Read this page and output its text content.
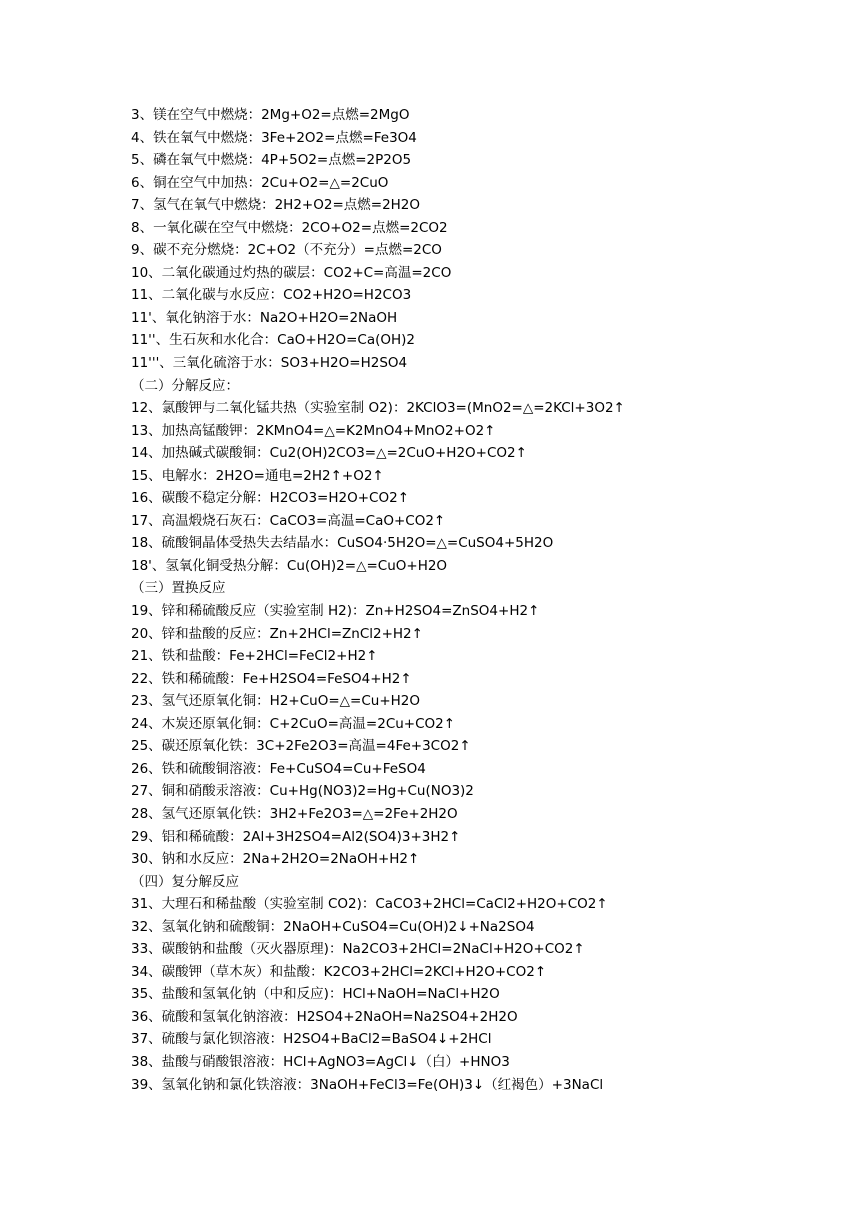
3、镁在空气中燃烧：2Mg+O2=点燃=2MgO
4、铁在氧气中燃烧：3Fe+2O2=点燃=Fe3O4
5、磷在氧气中燃烧：4P+5O2=点燃=2P2O5
6、铜在空气中加热：2Cu+O2=△=2CuO
7、氢气在氧气中燃烧：2H2+O2=点燃=2H2O
8、一氧化碳在空气中燃烧：2CO+O2=点燃=2CO2
9、碳不充分燃烧：2C+O2（不充分）=点燃=2CO
10、二氧化碳通过灼热的碳层：CO2+C=高温=2CO
11、二氧化碳与水反应：CO2+H2O=H2CO3
11'、氧化钠溶于水：Na2O+H2O=2NaOH
11''、生石灰和水化合：CaO+H2O=Ca(OH)2
11'''、三氧化硫溶于水：SO3+H2O=H2SO4
（二）分解反应：
12、氯酸钾与二氧化锰共热（实验室制 O2)：2KClO3=(MnO2=△=2KCl+3O2↑
13、加热高锰酸钾：2KMnO4=△=K2MnO4+MnO2+O2↑
14、加热碱式碳酸铜：Cu2(OH)2CO3=△=2CuO+H2O+CO2↑
15、电解水：2H2O=通电=2H2↑+O2↑
16、碳酸不稳定分解：H2CO3=H2O+CO2↑
17、高温煅烧石灰石：CaCO3=高温=CaO+CO2↑
18、硫酸铜晶体受热失去结晶水：CuSO4·5H2O=△=CuSO4+5H2O
18'、氢氧化铜受热分解：Cu(OH)2=△=CuO+H2O
（三）置换反应
19、锌和稀硫酸反应（实验室制 H2)：Zn+H2SO4=ZnSO4+H2↑
20、锌和盐酸的反应：Zn+2HCl=ZnCl2+H2↑
21、铁和盐酸：Fe+2HCl=FeCl2+H2↑
22、铁和稀硫酸：Fe+H2SO4=FeSO4+H2↑
23、氢气还原氧化铜：H2+CuO=△=Cu+H2O
24、木炭还原氧化铜：C+2CuO=高温=2Cu+CO2↑
25、碳还原氧化铁：3C+2Fe2O3=高温=4Fe+3CO2↑
26、铁和硫酸铜溶液：Fe+CuSO4=Cu+FeSO4
27、铜和硝酸汞溶液：Cu+Hg(NO3)2=Hg+Cu(NO3)2
28、氢气还原氧化铁：3H2+Fe2O3=△=2Fe+2H2O
29、铝和稀硫酸：2Al+3H2SO4=Al2(SO4)3+3H2↑
30、钠和水反应：2Na+2H2O=2NaOH+H2↑
（四）复分解反应
31、大理石和稀盐酸（实验室制 CO2)：CaCO3+2HCl=CaCl2+H2O+CO2↑
32、氢氧化钠和硫酸铜：2NaOH+CuSO4=Cu(OH)2↓+Na2SO4
33、碳酸钠和盐酸（灭火器原理)：Na2CO3+2HCl=2NaCl+H2O+CO2↑
34、碳酸钾（草木灰）和盐酸：K2CO3+2HCl=2KCl+H2O+CO2↑
35、盐酸和氢氧化钠（中和反应)：HCl+NaOH=NaCl+H2O
36、硫酸和氢氧化钠溶液：H2SO4+2NaOH=Na2SO4+2H2O
37、硫酸与氯化钡溶液：H2SO4+BaCl2=BaSO4↓+2HCl
38、盐酸与硝酸银溶液：HCl+AgNO3=AgCl↓（白）+HNO3
39、氢氧化钠和氯化铁溶液：3NaOH+FeCl3=Fe(OH)3↓（红褐色）+3NaCl
